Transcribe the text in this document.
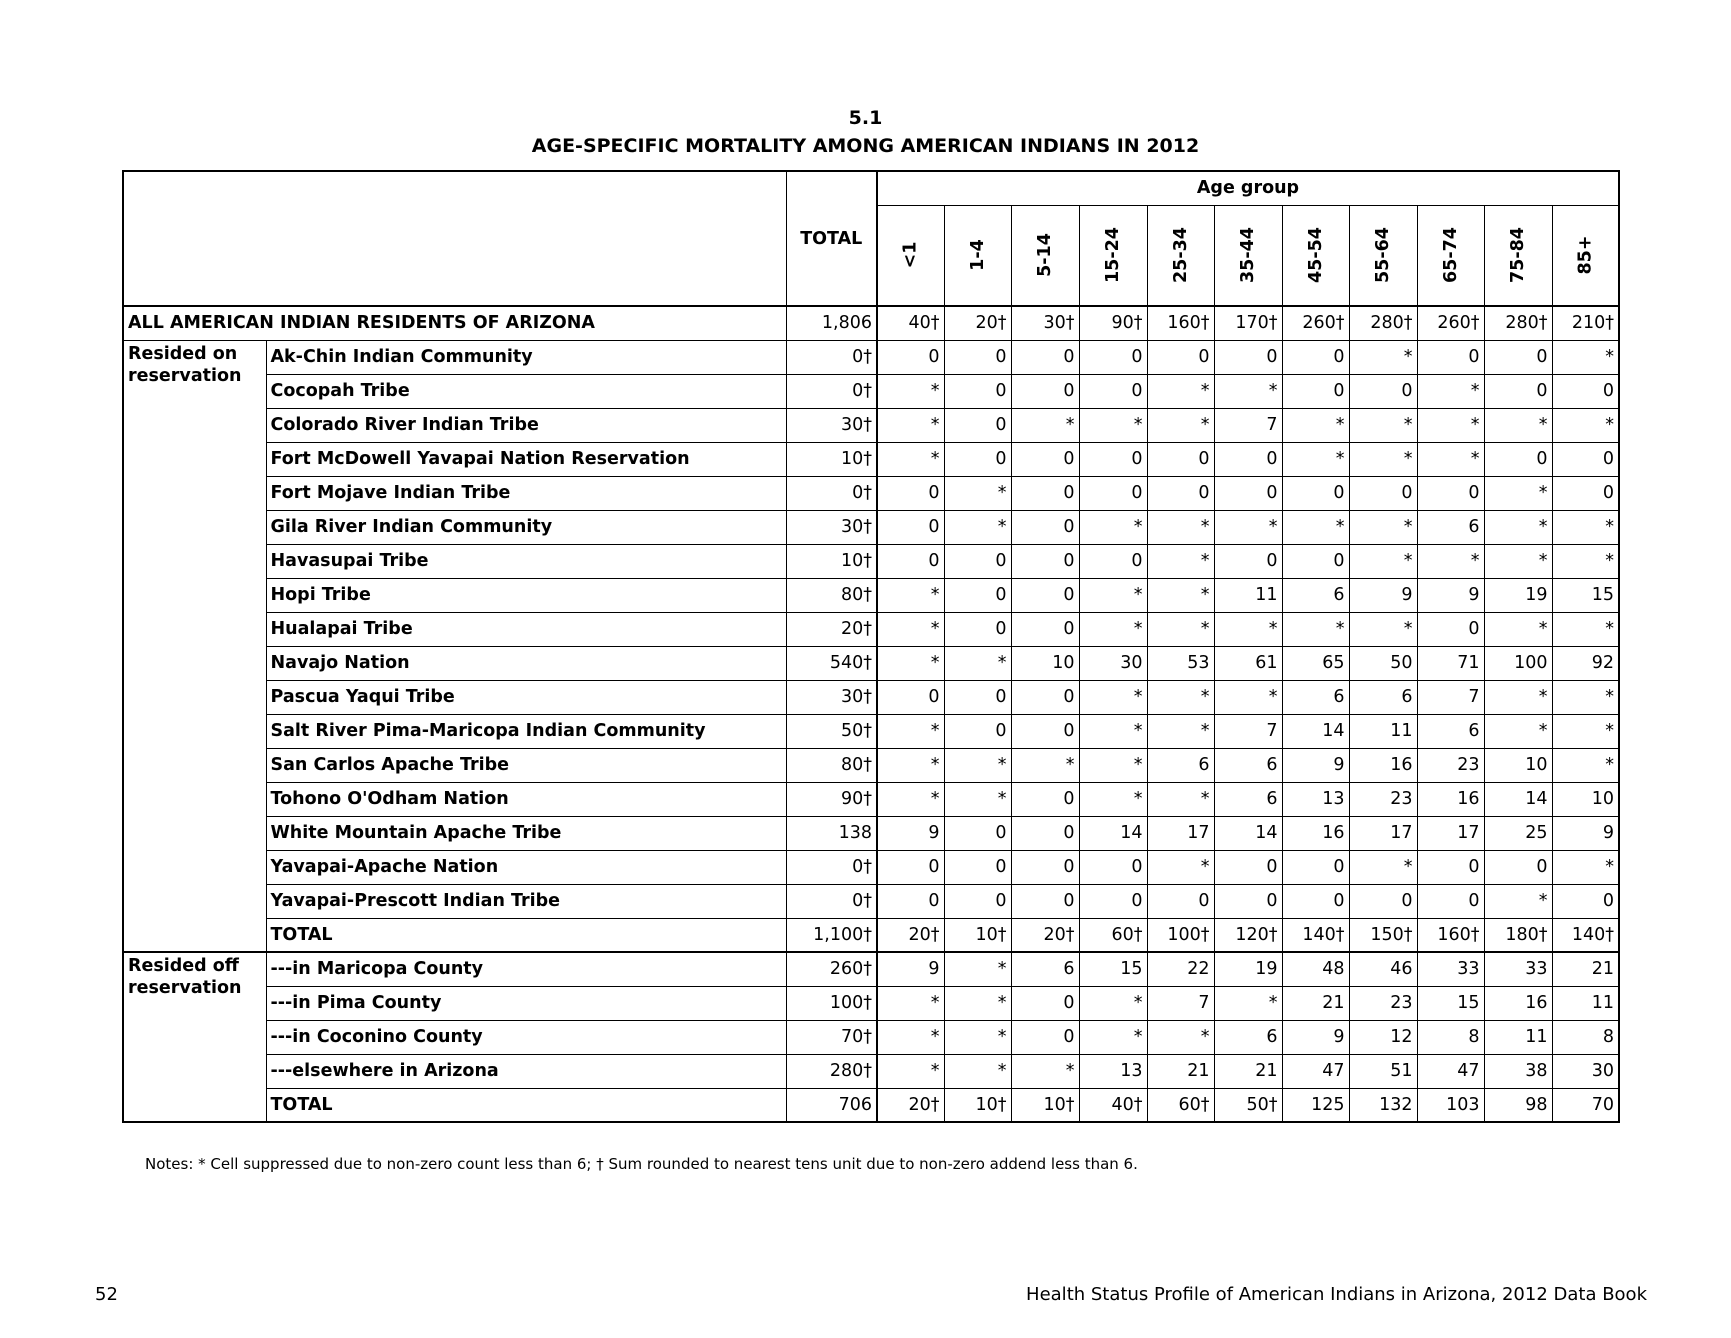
5.1
AGE-SPECIFIC MORTALITY AMONG AMERICAN INDIANS IN 2012
		TOTAL	Age group										
			<1	1-4	5-14	15-24	25-34	35-44	45-54	55-64	65-74	75-84	85+
ALL AMERICAN INDIAN RESIDENTS OF ARIZONA		1,806	40†	20†	30†	90†	160†	170†	260†	280†	260†	280†	210†
Resided on reservation	Ak-Chin Indian Community	0†	0	0	0	0	0	0	0	*	0	0	*
	Cocopah Tribe	0†	*	0	0	0	*	*	0	0	*	0	0
	Colorado River Indian Tribe	30†	*	0	*	*	*	7	*	*	*	*	*
	Fort McDowell Yavapai Nation Reservation	10†	*	0	0	0	0	0	*	*	*	0	0
	Fort Mojave Indian Tribe	0†	0	*	0	0	0	0	0	0	0	*	0
	Gila River Indian Community	30†	0	*	0	*	*	*	*	*	6	*	*
	Havasupai Tribe	10†	0	0	0	0	*	0	0	*	*	*	*
	Hopi Tribe	80†	*	0	0	*	*	11	6	9	9	19	15
	Hualapai Tribe	20†	*	0	0	*	*	*	*	*	0	*	*
	Navajo Nation	540†	*	*	10	30	53	61	65	50	71	100	92
	Pascua Yaqui Tribe	30†	0	0	0	*	*	*	6	6	7	*	*
	Salt River Pima-Maricopa Indian Community	50†	*	0	0	*	*	7	14	11	6	*	*
	San Carlos Apache Tribe	80†	*	*	*	*	6	6	9	16	23	10	*
	Tohono O'Odham Nation	90†	*	*	0	*	*	6	13	23	16	14	10
	White Mountain Apache Tribe	138	9	0	0	14	17	14	16	17	17	25	9
	Yavapai-Apache Nation	0†	0	0	0	0	*	0	0	*	0	0	*
	Yavapai-Prescott Indian Tribe	0†	0	0	0	0	0	0	0	0	0	*	0
	TOTAL	1,100†	20†	10†	20†	60†	100†	120†	140†	150†	160†	180†	140†
Resided off reservation	---in Maricopa County	260†	9	*	6	15	22	19	48	46	33	33	21
	---in Pima County	100†	*	*	0	*	7	*	21	23	15	16	11
	---in Coconino County	70†	*	*	0	*	*	6	9	12	8	11	8
	---elsewhere in Arizona	280†	*	*	*	13	21	21	47	51	47	38	30
	TOTAL	706	20†	10†	10†	40†	60†	50†	125	132	103	98	70
Notes: * Cell suppressed due to non-zero count less than 6; † Sum rounded to nearest tens unit due to non-zero addend less than 6.
52	Health Status Profile of American Indians in Arizona, 2012 Data Book
